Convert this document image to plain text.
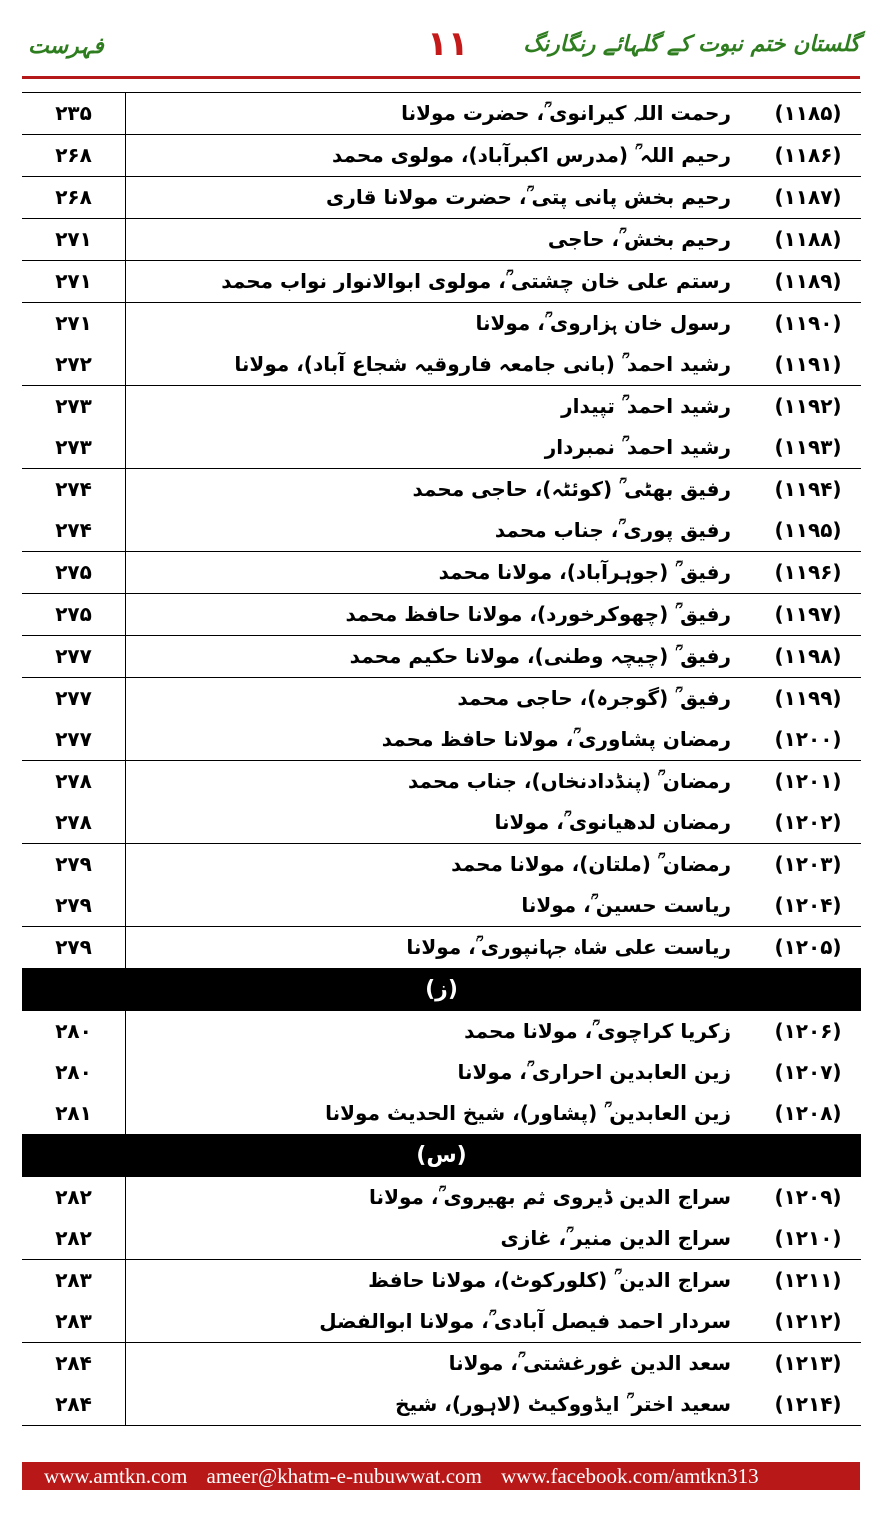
گلستان ختم نبوت کے گلہائے رنگارنگ
۱۱
فہرست
(۱۱۸۵)
رحمت اللہ کیرانوی ؒ، حضرت مولانا
۲۳۵
(۱۱۸۶)
رحیم اللہ ؒ (مدرس اکبرآباد)، مولوی محمد
۲۶۸
(۱۱۸۷)
رحیم بخش پانی پتی ؒ، حضرت مولانا قاری
۲۶۸
(۱۱۸۸)
رحیم بخش ؒ، حاجی
۲۷۱
(۱۱۸۹)
رستم علی خان چشتی ؒ، مولوی ابوالانوار نواب محمد
۲۷۱
(۱۱۹۰)
رسول خان ہزاروی ؒ، مولانا
۲۷۱
(۱۱۹۱)
رشید احمد ؒ (بانی جامعہ فاروقیہ شجاع آباد)، مولانا
۲۷۲
(۱۱۹۲)
رشید احمد ؒ تپیدار
۲۷۳
(۱۱۹۳)
رشید احمد ؒ نمبردار
۲۷۳
(۱۱۹۴)
رفیق بھٹی ؒ (کوئٹہ)، حاجی محمد
۲۷۴
(۱۱۹۵)
رفیق پوری ؒ، جناب محمد
۲۷۴
(۱۱۹۶)
رفیق ؒ (جوہرآباد)، مولانا محمد
۲۷۵
(۱۱۹۷)
رفیق ؒ (چھوکرخورد)، مولانا حافظ محمد
۲۷۵
(۱۱۹۸)
رفیق ؒ (چیچہ وطنی)، مولانا حکیم محمد
۲۷۷
(۱۱۹۹)
رفیق ؒ (گوجرہ)، حاجی محمد
۲۷۷
(۱۲۰۰)
رمضان پشاوری ؒ، مولانا حافظ محمد
۲۷۷
(۱۲۰۱)
رمضان ؒ (پنڈدادنخاں)، جناب محمد
۲۷۸
(۱۲۰۲)
رمضان لدھیانوی ؒ، مولانا
۲۷۸
(۱۲۰۳)
رمضان ؒ (ملتان)، مولانا محمد
۲۷۹
(۱۲۰۴)
ریاست حسین ؒ، مولانا
۲۷۹
(۱۲۰۵)
ریاست علی شاہ جہانپوری ؒ، مولانا
۲۷۹
(ز)
(۱۲۰۶)
زکریا کراچوی ؒ، مولانا محمد
۲۸۰
(۱۲۰۷)
زین العابدین احراری ؒ، مولانا
۲۸۰
(۱۲۰۸)
زین العابدین ؒ (پشاور)، شیخ الحدیث مولانا
۲۸۱
(س)
(۱۲۰۹)
سراج الدین ڈیروی ثم بھیروی ؒ، مولانا
۲۸۲
(۱۲۱۰)
سراج الدین منیر ؒ، غازی
۲۸۲
(۱۲۱۱)
سراج الدین ؒ (کلورکوٹ)، مولانا حافظ
۲۸۳
(۱۲۱۲)
سردار احمد فیصل آبادی ؒ، مولانا ابوالفضل
۲۸۳
(۱۲۱۳)
سعد الدین غورغشتی ؒ، مولانا
۲۸۴
(۱۲۱۴)
سعید اختر ؒ ایڈووکیٹ (لاہور)، شیخ
۲۸۴
www.amtkn.com ameer@khatm-e-nubuwwat.com www.facebook.com/amtkn313
